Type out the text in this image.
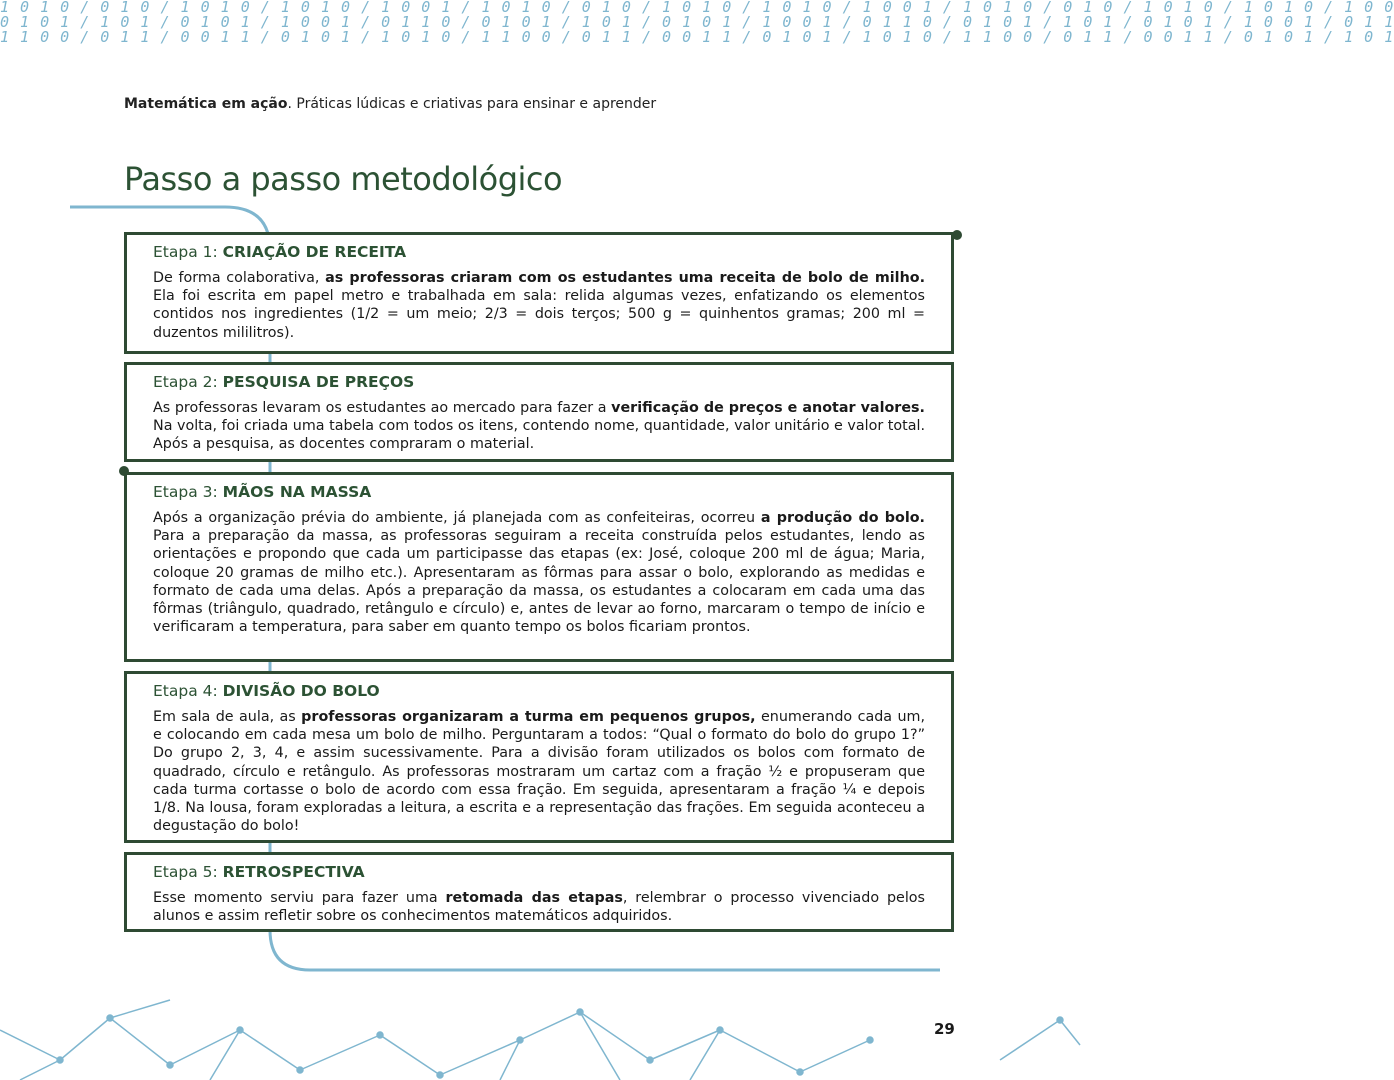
1 0 1 0 / 0 1 0 / 1 0 1 0 / 1 0 1 0 / 1 0 0 1 / 1 0 1 0 / 0 1 0 / 1 0 1 0 / 1 0 1 0 / 1 0 0 1 / 1 0 1 0 / 0 1 0 / 1 0 1 0 / 1 0 1 0 / 1 0 0
0 1 0 1 / 1 0 1 / 0 1 0 1 / 1 0 0 1 / 0 1 1 0 / 0 1 0 1 / 1 0 1 / 0 1 0 1 / 1 0 0 1 / 0 1 1 0 / 0 1 0 1 / 1 0 1 / 0 1 0 1 / 1 0 0 1 / 0 1 1
1 1 0 0 / 0 1 1 / 0 0 1 1 / 0 1 0 1 / 1 0 1 0 / 1 1 0 0 / 0 1 1 / 0 0 1 1 / 0 1 0 1 / 1 0 1 0 / 1 1 0 0 / 0 1 1 / 0 0 1 1 / 0 1 0 1 / 1 0 1
Matemática em ação. Práticas lúdicas e criativas para ensinar e aprender
Passo a passo metodológico

Etapa 1: CRIAÇÃO DE RECEITA

De forma colaborativa, as professoras criaram com os estudantes uma receita de bolo de milho. Ela foi escrita em papel metro e trabalhada em sala: relida algumas vezes, enfatizando os elementos contidos nos ingredientes (1/2 = um meio; 2/3 = dois terços; 500 g = quinhentos gramas; 200 ml = duzentos mililitros).

Etapa 2: PESQUISA DE PREÇOS

As professoras levaram os estudantes ao mercado para fazer a verificação de preços e anotar valores. Na volta, foi criada uma tabela com todos os itens, contendo nome, quantidade, valor unitário e valor total. Após a pesquisa, as docentes compraram o material.

Etapa 3: MÃOS NA MASSA

Após a organização prévia do ambiente, já planejada com as confeiteiras, ocorreu a produção do bolo. Para a preparação da massa, as professoras seguiram a receita construída pelos estudantes, lendo as orientações e propondo que cada um participasse das etapas (ex: José, coloque 200 ml de água; Maria, coloque 20 gramas de milho etc.). Apresentaram as fôrmas para assar o bolo, explorando as medidas e formato de cada uma delas. Após a preparação da massa, os estudantes a colocaram em cada uma das fôrmas (triângulo, quadrado, retângulo e círculo) e, antes de levar ao forno, marcaram o tempo de início e verificaram a temperatura, para saber em quanto tempo os bolos ficariam prontos.

Etapa 4: DIVISÃO DO BOLO

Em sala de aula, as professoras organizaram a turma em pequenos grupos, enumerando cada um, e colocando em cada mesa um bolo de milho. Perguntaram a todos: “Qual o formato do bolo do grupo 1?” Do grupo 2, 3, 4, e assim sucessivamente. Para a divisão foram utilizados os bolos com formato de quadrado, círculo e retângulo. As professoras mostraram um cartaz com a fração ½ e propuseram que cada turma cortasse o bolo de acordo com essa fração. Em seguida, apresentaram a fração ¼ e depois 1/8. Na lousa, foram exploradas a leitura, a escrita e a representação das frações. Em seguida aconteceu a degustação do bolo!

Etapa 5: RETROSPECTIVA

Esse momento serviu para fazer uma retomada das etapas, relembrar o processo vivenciado pelos alunos e assim refletir sobre os conhecimentos matemáticos adquiridos.

29
